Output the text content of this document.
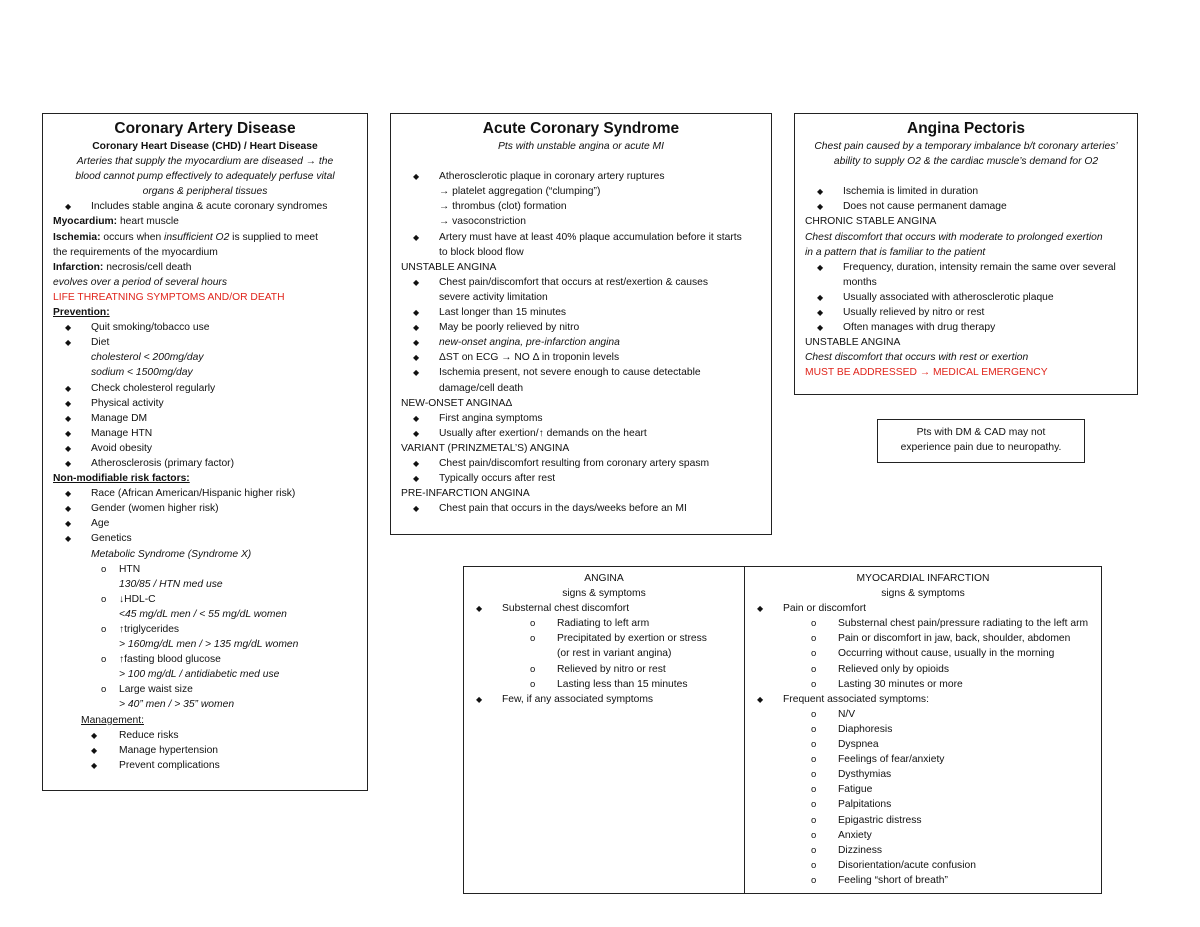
Coronary Artery Disease
Coronary Heart Disease (CHD) / Heart Disease
Arteries that supply the myocardium are diseased → the
blood cannot pump effectively to adequately perfuse vital
organs & peripheral tissues
◆ Includes stable angina & acute coronary syndromes
Myocardium: heart muscle
Ischemia: occurs when insufficient O2 is supplied to meet
the requirements of the myocardium
Infarction: necrosis/cell death
evolves over a period of several hours
LIFE THREATNING SYMPTOMS AND/OR DEATH
Prevention:
◆ Quit smoking/tobacco use
◆ Diet
cholesterol < 200mg/day
sodium < 1500mg/day
◆ Check cholesterol regularly
◆ Physical activity
◆ Manage DM
◆ Manage HTN
◆ Avoid obesity
◆ Atherosclerosis (primary factor)
Non-modifiable risk factors:
◆ Race (African American/Hispanic higher risk)
◆ Gender (women higher risk)
◆ Age
◆ Genetics
Metabolic Syndrome (Syndrome X)
o HTN
130/85 / HTN med use
o ↓HDL-C
<45 mg/dL men / < 55 mg/dL women
o ↑triglycerides
> 160mg/dL men / > 135 mg/dL women
o ↑fasting blood glucose
> 100 mg/dL / antidiabetic med use
o Large waist size
> 40” men / > 35” women
Management:
◆ Reduce risks
◆ Manage hypertension
◆ Prevent complications
Acute Coronary Syndrome
Pts with unstable angina or acute MI

◆ Atherosclerotic plaque in coronary artery ruptures
→ platelet aggregation (“clumping”)
→ thrombus (clot) formation
→ vasoconstriction
◆ Artery must have at least 40% plaque accumulation before it starts
to block blood flow
UNSTABLE ANGINA
◆ Chest pain/discomfort that occurs at rest/exertion & causes
severe activity limitation
◆ Last longer than 15 minutes
◆ May be poorly relieved by nitro
◆ new-onset angina, pre-infarction angina
◆ ΔST on ECG → NO Δ in troponin levels
◆ Ischemia present, not severe enough to cause detectable
damage/cell death
NEW-ONSET ANGINAΔ
◆ First angina symptoms
◆ Usually after exertion/↑ demands on the heart
VARIANT (PRINZMETAL’S) ANGINA
◆ Chest pain/discomfort resulting from coronary artery spasm
◆ Typically occurs after rest
PRE-INFARCTION ANGINA
◆ Chest pain that occurs in the days/weeks before an MI
Angina Pectoris
Chest pain caused by a temporary imbalance b/t coronary arteries’
ability to supply O2 & the cardiac muscle’s demand for O2

◆ Ischemia is limited in duration
◆ Does not cause permanent damage
CHRONIC STABLE ANGINA
Chest discomfort that occurs with moderate to prolonged exertion
in a pattern that is familiar to the patient
◆ Frequency, duration, intensity remain the same over several
months
◆ Usually associated with atherosclerotic plaque
◆ Usually relieved by nitro or rest
◆ Often manages with drug therapy
UNSTABLE ANGINA
Chest discomfort that occurs with rest or exertion
MUST BE ADDRESSED → MEDICAL EMERGENCY
Pts with DM & CAD may not
experience pain due to neuropathy.
ANGINA
signs & symptoms
◆ Substernal chest discomfort
o Radiating to left arm
o Precipitated by exertion or stress
(or rest in variant angina)
o Relieved by nitro or rest
o Lasting less than 15 minutes
◆ Few, if any associated symptoms
MYOCARDIAL INFARCTION
signs & symptoms
◆ Pain or discomfort
o Substernal chest pain/pressure radiating to the left arm
o Pain or discomfort in jaw, back, shoulder, abdomen
o Occurring without cause, usually in the morning
o Relieved only by opioids
o Lasting 30 minutes or more
◆ Frequent associated symptoms:
o N/V
o Diaphoresis
o Dyspnea
o Feelings of fear/anxiety
o Dysthymias
o Fatigue
o Palpitations
o Epigastric distress
o Anxiety
o Dizziness
o Disorientation/acute confusion
o Feeling “short of breath”
